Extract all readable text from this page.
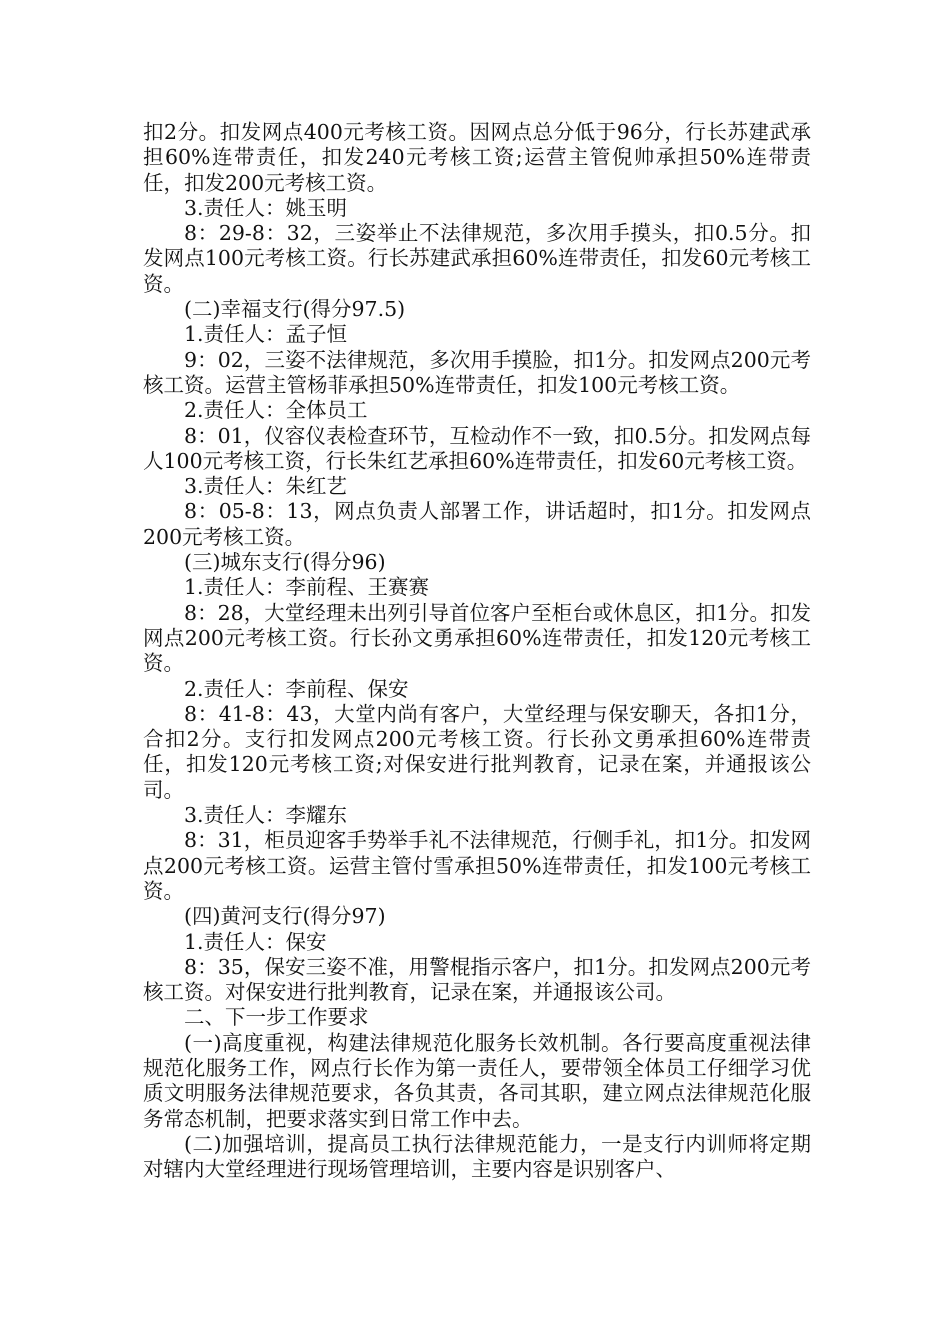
扣2分。扣发网点400元考核工资。因网点总分低于96分，行长苏建武承担60%连带责任，扣发240元考核工资;运营主管倪帅承担50%连带责任，扣发200元考核工资。

3.责任人：姚玉明

8：29-8：32，三姿举止不法律规范，多次用手摸头，扣0.5分。扣发网点100元考核工资。行长苏建武承担60%连带责任，扣发60元考核工资。

(二)幸福支行(得分97.5)

1.责任人：孟子恒

9：02，三姿不法律规范，多次用手摸脸，扣1分。扣发网点200元考核工资。运营主管杨菲承担50%连带责任，扣发100元考核工资。

2.责任人：全体员工

8：01，仪容仪表检查环节，互检动作不一致，扣0.5分。扣发网点每人100元考核工资，行长朱红艺承担60%连带责任，扣发60元考核工资。

3.责任人：朱红艺

8：05-8：13，网点负责人部署工作，讲话超时，扣1分。扣发网点200元考核工资。

(三)城东支行(得分96)

1.责任人：李前程、王赛赛

8：28，大堂经理未出列引导首位客户至柜台或休息区，扣1分。扣发网点200元考核工资。行长孙文勇承担60%连带责任，扣发120元考核工资。

2.责任人：李前程、保安

8：41-8：43，大堂内尚有客户，大堂经理与保安聊天，各扣1分，合扣2分。支行扣发网点200元考核工资。行长孙文勇承担60%连带责任，扣发120元考核工资;对保安进行批判教育，记录在案，并通报该公司。

3.责任人：李耀东

8：31，柜员迎客手势举手礼不法律规范，行侧手礼，扣1分。扣发网点200元考核工资。运营主管付雪承担50%连带责任，扣发100元考核工资。

(四)黄河支行(得分97)

1.责任人：保安

8：35，保安三姿不准，用警棍指示客户，扣1分。扣发网点200元考核工资。对保安进行批判教育，记录在案，并通报该公司。

二、下一步工作要求

(一)高度重视，构建法律规范化服务长效机制。各行要高度重视法律规范化服务工作，网点行长作为第一责任人，要带领全体员工仔细学习优质文明服务法律规范要求，各负其责，各司其职，建立网点法律规范化服务常态机制，把要求落实到日常工作中去。

(二)加强培训，提高员工执行法律规范能力，一是支行内训师将定期对辖内大堂经理进行现场管理培训，主要内容是识别客户、
